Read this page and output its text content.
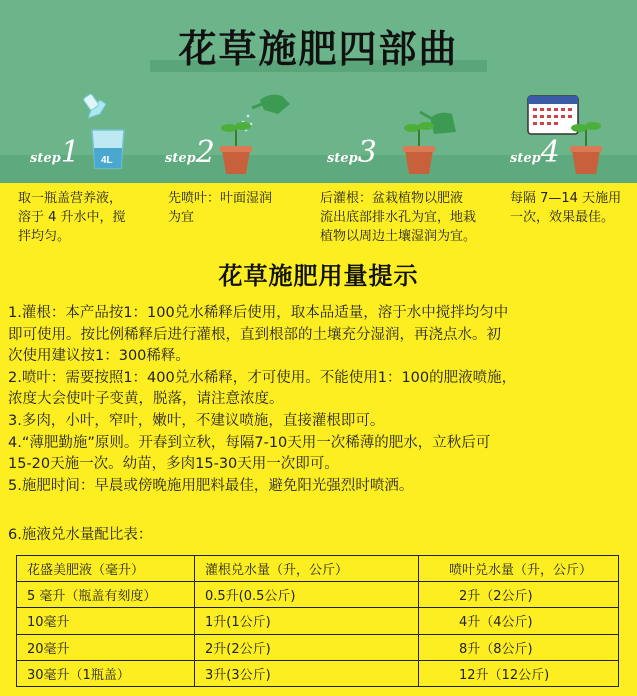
花草施肥四部曲
step1	step2	step3	step4
4L
取一瓶盖营养液，
溶于 4 升水中，搅
拌均匀。
先喷叶：叶面湿润
为宜
后灌根：盆栽植物以肥液
流出底部排水孔为宜，地栽
植物以周边土壤湿润为宜。
每隔 7—14 天施用
一次，效果最佳。
花草施肥用量提示

1.灌根：本产品按1：100兑水稀释后使用，取本品适量，溶于水中搅拌均匀中

即可使用。按比例稀释后进行灌根，直到根部的土壤充分湿润，再浇点水。初

次使用建议按1：300稀释。

2.喷叶：需要按照1：400兑水稀释，才可使用。不能使用1：100的肥液喷施，

浓度大会使叶子变黄，脱落，请注意浓度。

3.多肉，小叶，窄叶，嫩叶，不建议喷施，直接灌根即可。

4.“薄肥勤施”原则。开春到立秋，每隔7-10天用一次稀薄的肥水，立秋后可

15-20天施一次。幼苗，多肉15-30天用一次即可。

5.施肥时间：早晨或傍晚施用肥料最佳，避免阳光强烈时喷洒。

6.施液兑水量配比表：
花盛美肥液（毫升）	灌根兑水量（升，公斤）	喷叶兑水量（升，公斤）
5 毫升（瓶盖有刻度）	0.5升(0.5公斤)	2升（2公斤)
10毫升	1升(1公斤)	4升（4公斤)
20毫升	2升(2公斤)	8升（8公斤)
30毫升（1瓶盖）	3升(3公斤)	12升（12公斤)
